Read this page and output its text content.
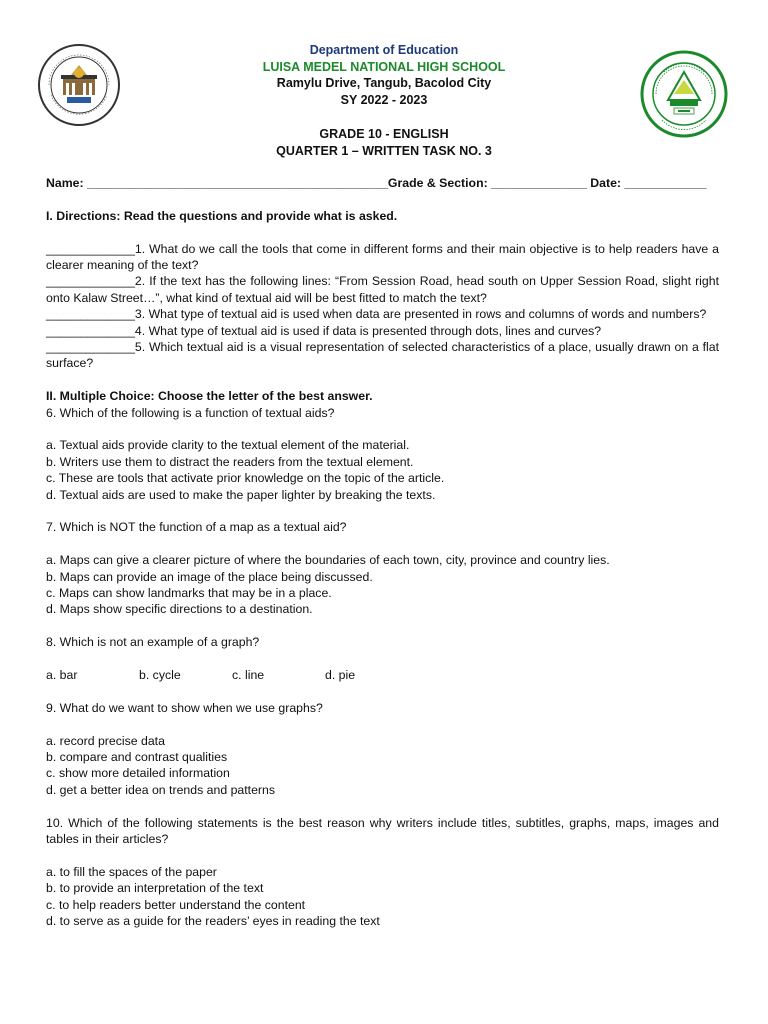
Department of Education
LUISA MEDEL NATIONAL HIGH SCHOOL
Ramylu Drive, Tangub, Bacolod City
SY 2022 - 2023
GRADE 10 - ENGLISH
QUARTER 1 – WRITTEN TASK NO. 3

Name: ____________________________________________Grade & Section: ______________ Date: ____________

I. Directions: Read the questions and provide what is asked.

_____________1. What do we call the tools that come in different forms and their main objective is to help readers have a clearer meaning of the text?

_____________2. If the text has the following lines: “From Session Road, head south on Upper Session Road, slight right onto Kalaw Street…”, what kind of textual aid will be best fitted to match the text?

_____________3. What type of textual aid is used when data are presented in rows and columns of words and numbers?

_____________4. What type of textual aid is used if data is presented through dots, lines and curves?

_____________5. Which textual aid is a visual representation of selected characteristics of a place, usually drawn on a flat surface?

II. Multiple Choice: Choose the letter of the best answer.

6. Which of the following is a function of textual aids?

a. Textual aids provide clarity to the textual element of the material.

b. Writers use them to distract the readers from the textual element.

c. These are tools that activate prior knowledge on the topic of the article.

d. Textual aids are used to make the paper lighter by breaking the texts.

7. Which is NOT the function of a map as a textual aid?

a. Maps can give a clearer picture of where the boundaries of each town, city, province and country lies.

b. Maps can provide an image of the place being discussed.

c. Maps can show landmarks that may be in a place.

d. Maps show specific directions to a destination.

8. Which is not an example of a graph?

a. bar	b. cycle	c. line	d. pie

9. What do we want to show when we use graphs?

a. record precise data

b. compare and contrast qualities

c. show more detailed information

d. get a better idea on trends and patterns

10. Which of the following statements is the best reason why writers include titles, subtitles, graphs, maps, images and tables in their articles?

a. to fill the spaces of the paper

b. to provide an interpretation of the text

c. to help readers better understand the content

d. to serve as a guide for the readers’ eyes in reading the text
